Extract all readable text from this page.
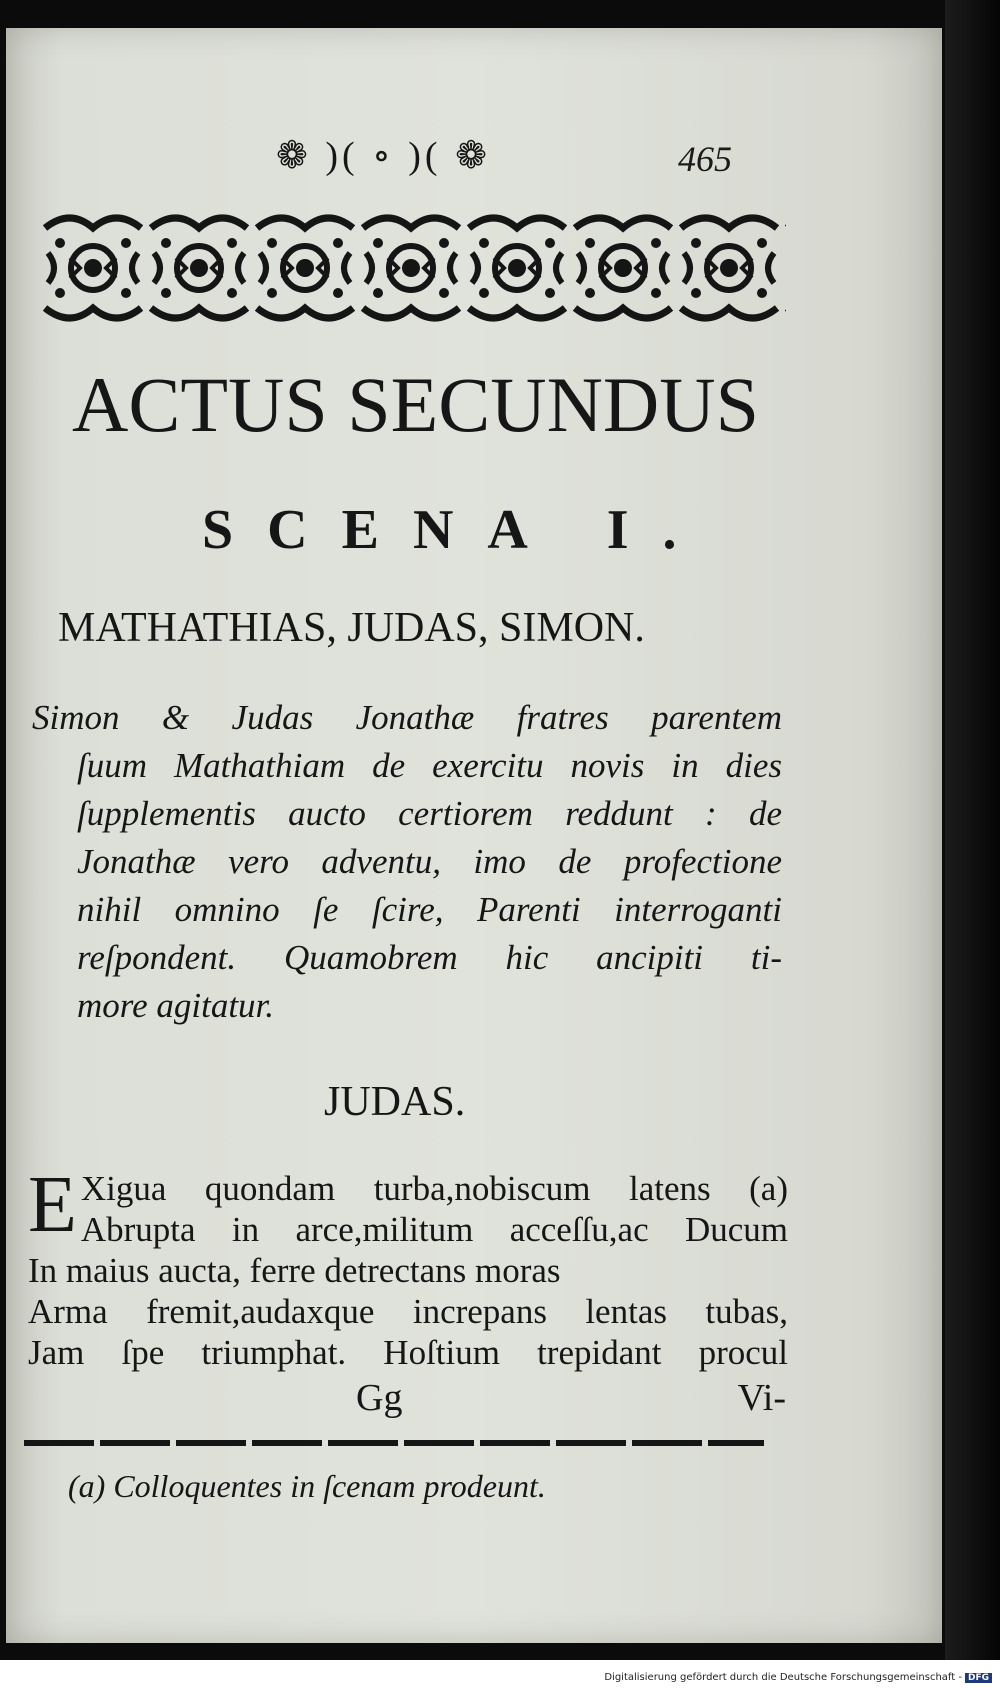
❁ )( ∘ )( ❁	465
ACTUS SECUNDUS
SCENA I.
MATHATHIAS, JUDAS, SIMON.
Simon & Judas Jonathæ fratres parentem
ſuum Mathathiam de exercitu novis in dies
ſupplementis aucto certiorem reddunt : de
Jonathæ vero adventu, imo de profectione
nihil omnino ſe ſcire, Parenti interroganti
reſpondent. Quamobrem hic ancipiti ti-
more agitatur.
JUDAS.
E Xigua quondam turba,nobiscum latens (a)
Abrupta in arce,militum acceſſu,ac Ducum
In maius aucta, ferre detrectans moras
Arma fremit,audaxque increpans lentas tubas,
Jam ſpe triumphat. Hoſtium trepidant procul
Gg	Vi-
(a) Colloquentes in ſcenam prodeunt.
Digitalisierung gefördert durch die Deutsche Forschungsgemeinschaft - DFG
